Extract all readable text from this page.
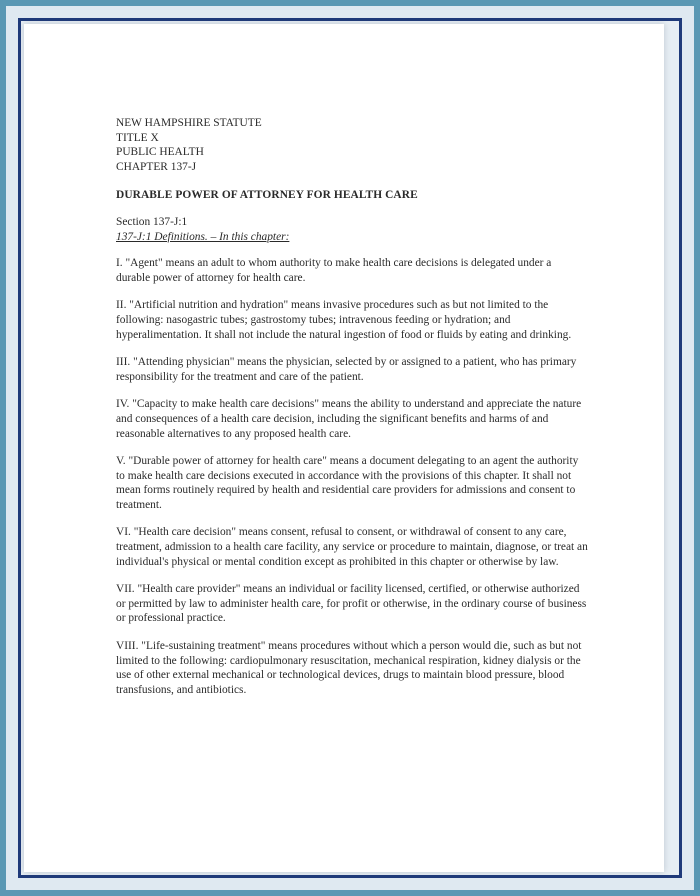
NEW HAMPSHIRE STATUTE
TITLE X
PUBLIC HEALTH
CHAPTER 137-J
DURABLE POWER OF ATTORNEY FOR HEALTH CARE
Section 137-J:1
137-J:1 Definitions. – In this chapter:

I. "Agent" means an adult to whom authority to make health care decisions is delegated under a durable power of attorney for health care.

II. "Artificial nutrition and hydration" means invasive procedures such as but not limited to the following: nasogastric tubes; gastrostomy tubes; intravenous feeding or hydration; and hyperalimentation. It shall not include the natural ingestion of food or fluids by eating and drinking.

III. "Attending physician" means the physician, selected by or assigned to a patient, who has primary responsibility for the treatment and care of the patient.

IV. "Capacity to make health care decisions" means the ability to understand and appreciate the nature and consequences of a health care decision, including the significant benefits and harms of and reasonable alternatives to any proposed health care.

V. "Durable power of attorney for health care" means a document delegating to an agent the authority to make health care decisions executed in accordance with the provisions of this chapter. It shall not mean forms routinely required by health and residential care providers for admissions and consent to treatment.

VI. "Health care decision" means consent, refusal to consent, or withdrawal of consent to any care, treatment, admission to a health care facility, any service or procedure to maintain, diagnose, or treat an individual's physical or mental condition except as prohibited in this chapter or otherwise by law.

VII. "Health care provider" means an individual or facility licensed, certified, or otherwise authorized or permitted by law to administer health care, for profit or otherwise, in the ordinary course of business or professional practice.

VIII. "Life-sustaining treatment" means procedures without which a person would die, such as but not limited to the following: cardiopulmonary resuscitation, mechanical respiration, kidney dialysis or the use of other external mechanical or technological devices, drugs to maintain blood pressure, blood transfusions, and antibiotics.
